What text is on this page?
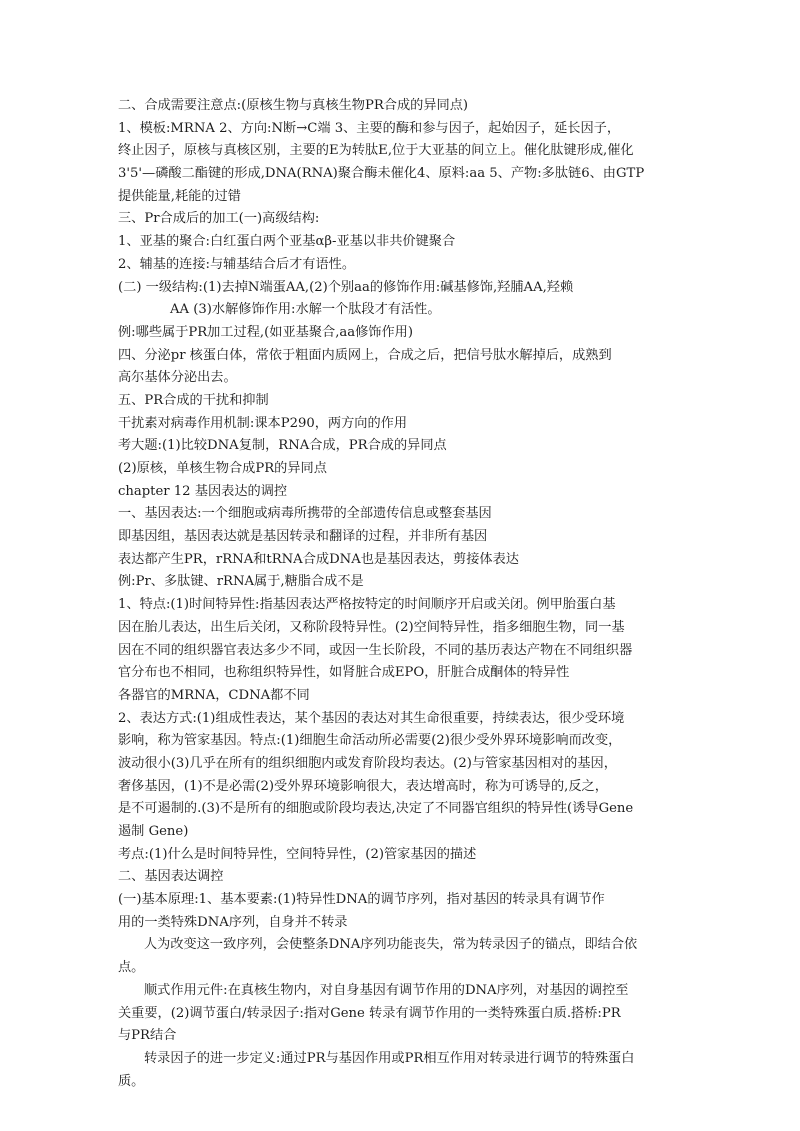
二、合成需要注意点:(原核生物与真核生物PR合成的异同点)
1、模板:MRNA 2、方向:N断→C端 3、主要的酶和参与因子，起始因子，延长因子，
终止因子，原核与真核区别，主要的E为转肽E,位于大亚基的间立上。催化肽键形成,催化
3'5'—磷酸二酯键的形成,DNA(RNA)聚合酶未催化4、原料:aa 5、产物:多肽链6、由GTP
提供能量,耗能的过错
三、Pr合成后的加工(一)高级结构:
1、亚基的聚合:白红蛋白两个亚基αβ-亚基以非共价键聚合
2、辅基的连接:与辅基结合后才有语性。
(二) 一级结构:(1)去掉N端蛋AA,(2)个别aa的修饰作用:碱基修饰,羟脯AA,羟赖
AA (3)水解修饰作用:水解一个肽段才有活性。
例:哪些属于PR加工过程,(如亚基聚合,aa修饰作用)
四、分泌pr 核蛋白体，常依于粗面内质网上，合成之后，把信号肽水解掉后，成熟到
高尔基体分泌出去。
五、PR合成的干扰和抑制
干扰素对病毒作用机制:课本P290，两方向的作用
考大题:(1)比较DNA复制，RNA合成，PR合成的异同点
(2)原核，单核生物合成PR的异同点
chapter 12 基因表达的调控
一、基因表达:一个细胞或病毒所携带的全部遗传信息或整套基因
即基因组，基因表达就是基因转录和翻译的过程，并非所有基因
表达都产生PR，rRNA和tRNA合成DNA也是基因表达，剪接体表达
例:Pr、多肽键、rRNA属于,糖脂合成不是
1、特点:(1)时间特异性:指基因表达严格按特定的时间顺序开启或关闭。例甲胎蛋白基
因在胎儿表达，出生后关闭，又称阶段特异性。(2)空间特异性，指多细胞生物，同一基
因在不同的组织器官表达多少不同，或因一生长阶段，不同的基历表达产物在不同组织器
官分布也不相同，也称组织特异性，如肾脏合成EPO，肝脏合成酮体的特异性
各器官的MRNA，CDNA都不同
2、表达方式:(1)组成性表达，某个基因的表达对其生命很重要，持续表达，很少受环境
影响，称为管家基因。特点:(1)细胞生命活动所必需要(2)很少受外界环境影响而改变，
波动很小(3)几乎在所有的组织细胞内或发育阶段均表达。(2)与管家基因相对的基因，
奢侈基因，(1)不是必需(2)受外界环境影响很大，表达增高时，称为可诱导的,反之，
是不可遏制的.(3)不是所有的细胞或阶段均表达,决定了不同器官组织的特异性(诱导Gene
遏制 Gene)
考点:(1)什么是时间特异性，空间特异性，(2)管家基因的描述
二、基因表达调控
(一)基本原理:1、基本要素:(1)特异性DNA的调节序列，指对基因的转录具有调节作
用的一类特殊DNA序列，自身并不转录
人为改变这一致序列，会使整条DNA序列功能丧失，常为转录因子的锚点，即结合依
点。
顺式作用元件:在真核生物内，对自身基因有调节作用的DNA序列，对基因的调控至
关重要，(2)调节蛋白/转录因子:指对Gene 转录有调节作用的一类特殊蛋白质.搭桥:PR
与PR结合
转录因子的进一步定义:通过PR与基因作用或PR相互作用对转录进行调节的特殊蛋白
质。
